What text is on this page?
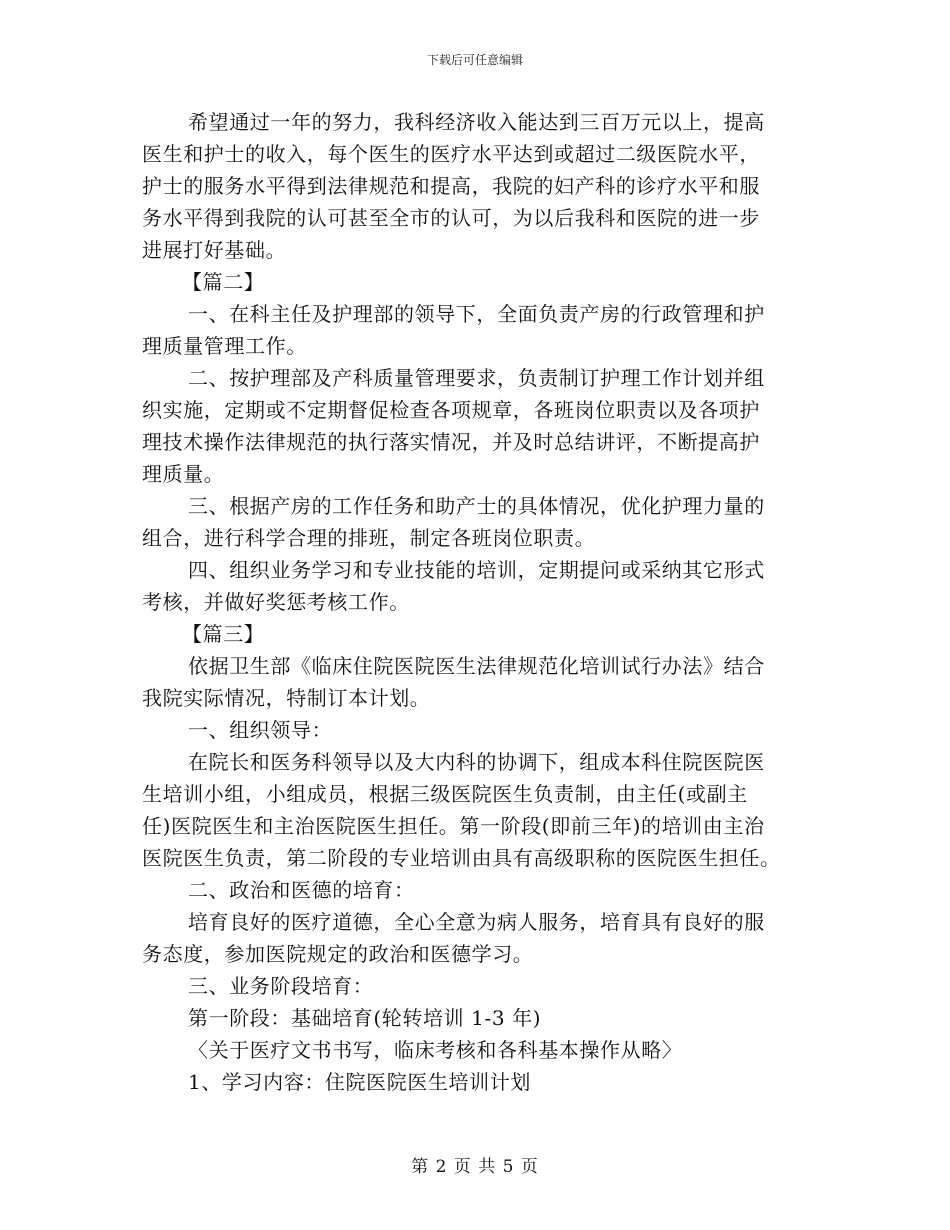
下载后可任意编辑

希望通过一年的努力，我科经济收入能达到三百万元以上，提高

医生和护士的收入，每个医生的医疗水平达到或超过二级医院水平，

护士的服务水平得到法律规范和提高，我院的妇产科的诊疗水平和服

务水平得到我院的认可甚至全市的认可，为以后我科和医院的进一步

进展打好基础。

【篇二】

一、在科主任及护理部的领导下，全面负责产房的行政管理和护

理质量管理工作。

二、按护理部及产科质量管理要求，负责制订护理工作计划并组

织实施，定期或不定期督促检查各项规章，各班岗位职责以及各项护

理技术操作法律规范的执行落实情况，并及时总结讲评，不断提高护

理质量。

三、根据产房的工作任务和助产士的具体情况，优化护理力量的

组合，进行科学合理的排班，制定各班岗位职责。

四、组织业务学习和专业技能的培训，定期提问或采纳其它形式

考核，并做好奖惩考核工作。

【篇三】

依据卫生部《临床住院医院医生法律规范化培训试行办法》结合

我院实际情况，特制订本计划。

一、组织领导：

在院长和医务科领导以及大内科的协调下，组成本科住院医院医

生培训小组，小组成员，根据三级医院医生负责制，由主任(或副主

任)医院医生和主治医院医生担任。第一阶段(即前三年)的培训由主治

医院医生负责，第二阶段的专业培训由具有高级职称的医院医生担任。

二、政治和医德的培育：

培育良好的医疗道德，全心全意为病人服务，培育具有良好的服

务态度，参加医院规定的政治和医德学习。

三、业务阶段培育：

第一阶段：基础培育(轮转培训 1-3 年)

〈关于医疗文书书写，临床考核和各科基本操作从略〉

1、学习内容：住院医院医生培训计划

第 2 页 共 5 页
